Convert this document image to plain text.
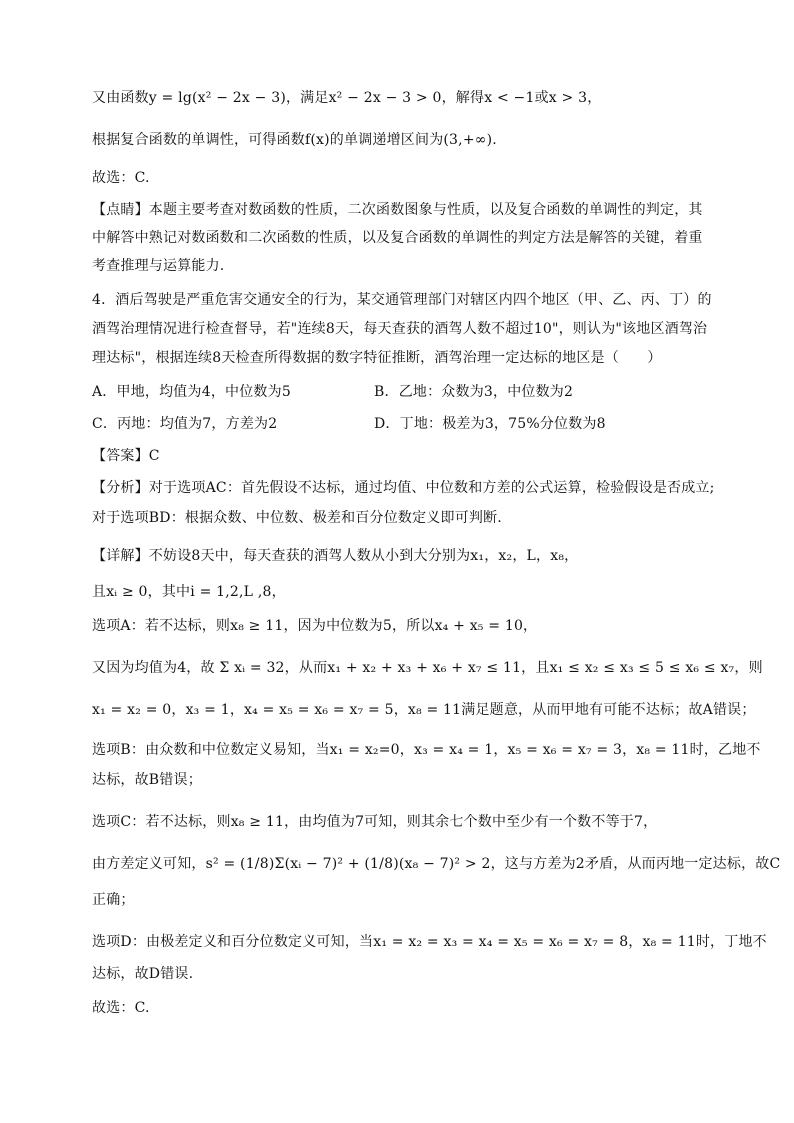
又由函数y = lg(x² − 2x − 3)，满足x² − 2x − 3 > 0，解得x < −1或x > 3，
根据复合函数的单调性，可得函数f(x)的单调递增区间为(3,+∞).
故选：C.
【点睛】本题主要考查对数函数的性质，二次函数图象与性质，以及复合函数的单调性的判定，其
中解答中熟记对数函数和二次函数的性质，以及复合函数的单调性的判定方法是解答的关键，着重
考查推理与运算能力.
4．酒后驾驶是严重危害交通安全的行为，某交通管理部门对辖区内四个地区（甲、乙、丙、丁）的
酒驾治理情况进行检查督导，若"连续8天，每天查获的酒驾人数不超过10"，则认为"该地区酒驾治
理达标"，根据连续8天检查所得数据的数字特征推断，酒驾治理一定达标的地区是（　　）
A．甲地，均值为4，中位数为5	B．乙地：众数为3，中位数为2
C．丙地：均值为7，方差为2	D．丁地：极差为3，75%分位数为8
【答案】C
【分析】对于选项AC：首先假设不达标，通过均值、中位数和方差的公式运算，检验假设是否成立;
对于选项BD：根据众数、中位数、极差和百分位数定义即可判断.
【详解】不妨设8天中，每天查获的酒驾人数从小到大分别为x₁，x₂，L，x₈，
且xᵢ ≥ 0，其中i = 1,2,L ,8，
选项A：若不达标，则x₈ ≥ 11，因为中位数为5，所以x₄ + x₅ = 10，
又因为均值为4，故 Σ xᵢ = 32，从而x₁ + x₂ + x₃ + x₆ + x₇ ≤ 11，且x₁ ≤ x₂ ≤ x₃ ≤ 5 ≤ x₆ ≤ x₇，则
x₁ = x₂ = 0，x₃ = 1，x₄ = x₅ = x₆ = x₇ = 5，x₈ = 11满足题意，从而甲地有可能不达标；故A错误；
选项B：由众数和中位数定义易知，当x₁ = x₂=0，x₃ = x₄ = 1，x₅ = x₆ = x₇ = 3，x₈ = 11时，乙地不
达标，故B错误；
选项C：若不达标，则x₈ ≥ 11，由均值为7可知，则其余七个数中至少有一个数不等于7，
由方差定义可知，s² = (1/8)Σ(xᵢ − 7)² + (1/8)(x₈ − 7)² > 2，这与方差为2矛盾，从而丙地一定达标，故C
正确；
选项D：由极差定义和百分位数定义可知，当x₁ = x₂ = x₃ = x₄ = x₅ = x₆ = x₇ = 8，x₈ = 11时，丁地不
达标，故D错误.
故选：C.
